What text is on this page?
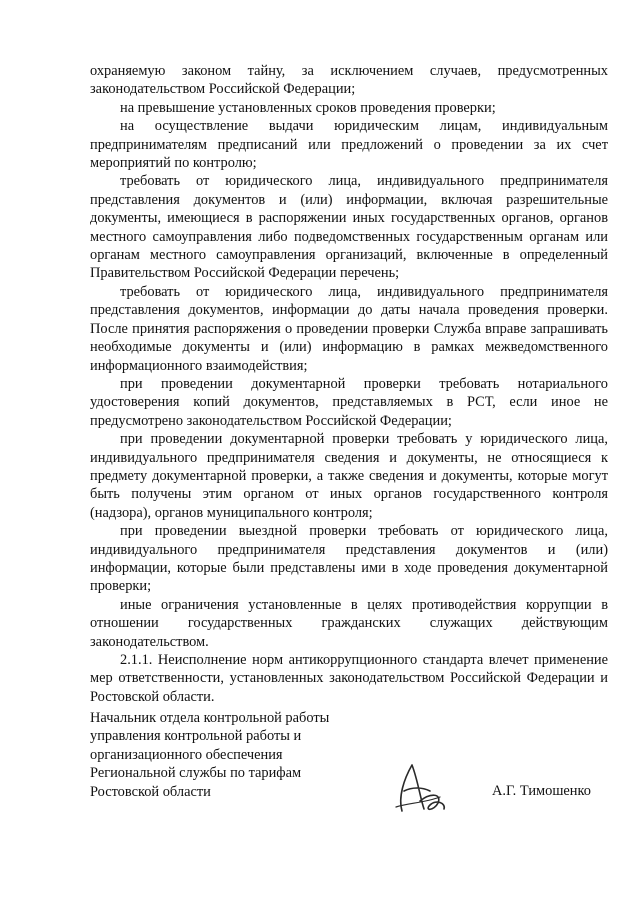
охраняемую законом тайну, за исключением случаев, предусмотренных законодательством Российской Федерации;

на превышение установленных сроков проведения проверки;

на осуществление выдачи юридическим лицам, индивидуальным предпринимателям предписаний или предложений о проведении за их счет мероприятий по контролю;

требовать от юридического лица, индивидуального предпринимателя представления документов и (или) информации, включая разрешительные документы, имеющиеся в распоряжении иных государственных органов, органов местного самоуправления либо подведомственных государственным органам или органам местного самоуправления организаций, включенные в определенный Правительством Российской Федерации перечень;

требовать от юридического лица, индивидуального предпринимателя представления документов, информации до даты начала проведения проверки. После принятия распоряжения о проведении проверки Служба вправе запрашивать необходимые документы и (или) информацию в рамках межведомственного информационного взаимодействия;

при проведении документарной проверки требовать нотариального удостоверения копий документов, представляемых в РСТ, если иное не предусмотрено законодательством Российской Федерации;

при проведении документарной проверки требовать у юридического лица, индивидуального предпринимателя сведения и документы, не относящиеся к предмету документарной проверки, а также сведения и документы, которые могут быть получены этим органом от иных органов государственного контроля (надзора), органов муниципального контроля;

при проведении выездной проверки требовать от юридического лица, индивидуального предпринимателя представления документов и (или) информации, которые были представлены ими в ходе проведения документарной проверки;

иные ограничения установленные в целях противодействия коррупции в отношении государственных гражданских служащих действующим законодательством.

2.1.1. Неисполнение норм антикоррупционного стандарта влечет применение мер ответственности, установленных законодательством Российской Федерации и Ростовской области.

Начальник отдела контрольной работы

управления контрольной работы и

организационного обеспечения

Региональной службы по тарифам

Ростовской области	А.Г. Тимошенко
